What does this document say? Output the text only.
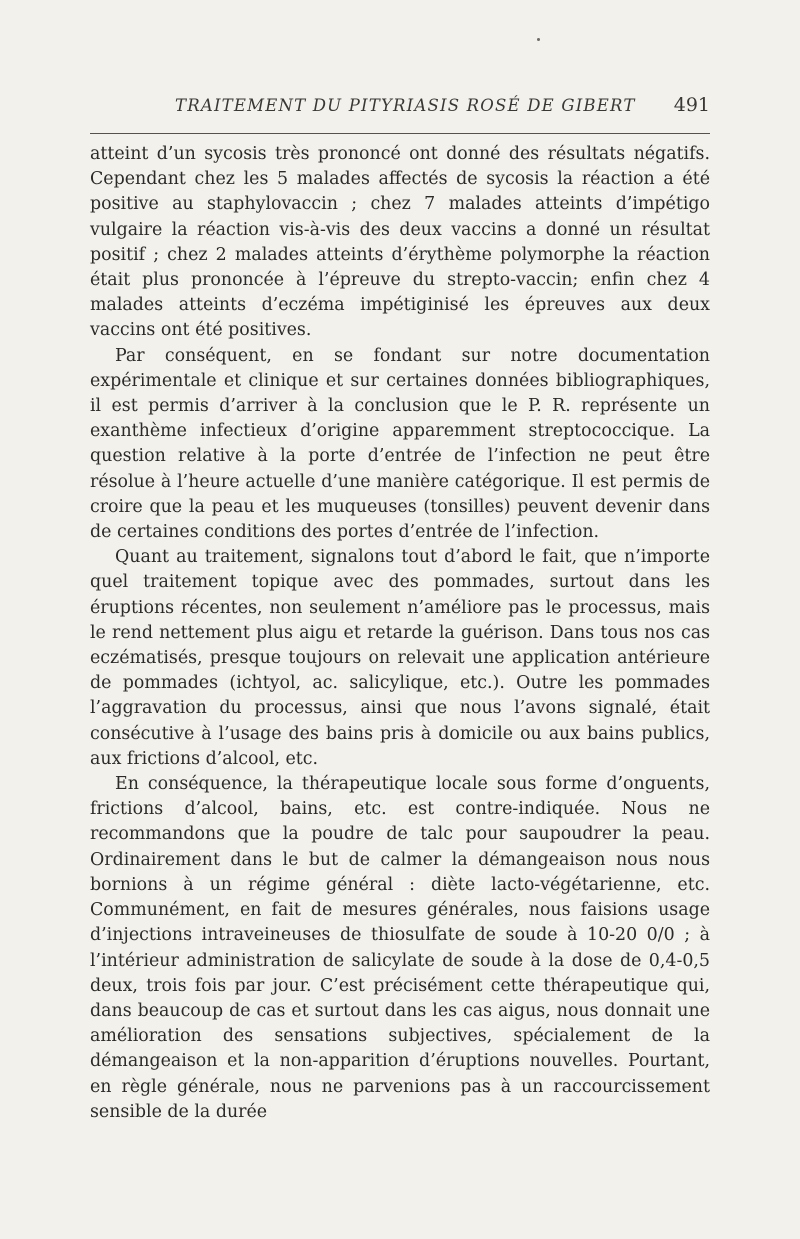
TRAITEMENT DU PITYRIASIS ROSÉ DE GIBERT 491

atteint d’un sycosis très prononcé ont donné des résultats négatifs. Cependant chez les 5 malades affectés de sycosis la réaction a été positive au staphylovaccin ; chez 7 malades atteints d’impétigo vulgaire la réaction vis-à-vis des deux vaccins a donné un résultat positif ; chez 2 malades atteints d’érythème polymorphe la réaction était plus prononcée à l’épreuve du strepto-vaccin; enfin chez 4 malades atteints d’eczéma impétiginisé les épreuves aux deux vaccins ont été positives.

Par conséquent, en se fondant sur notre documentation expérimentale et clinique et sur certaines données bibliographiques, il est permis d’arriver à la conclusion que le P. R. représente un exanthème infectieux d’origine apparemment streptococcique. La question relative à la porte d’entrée de l’infection ne peut être résolue à l’heure actuelle d’une manière catégorique. Il est permis de croire que la peau et les muqueuses (tonsilles) peuvent devenir dans de certaines conditions des portes d’entrée de l’infection.

Quant au traitement, signalons tout d’abord le fait, que n’importe quel traitement topique avec des pommades, surtout dans les éruptions récentes, non seulement n’améliore pas le processus, mais le rend nettement plus aigu et retarde la guérison. Dans tous nos cas eczématisés, presque toujours on relevait une application antérieure de pommades (ichtyol, ac. salicylique, etc.). Outre les pommades l’aggravation du processus, ainsi que nous l’avons signalé, était consécutive à l’usage des bains pris à domicile ou aux bains publics, aux frictions d’alcool, etc.

En conséquence, la thérapeutique locale sous forme d’onguents, frictions d’alcool, bains, etc. est contre-indiquée. Nous ne recommandons que la poudre de talc pour saupoudrer la peau. Ordinairement dans le but de calmer la démangeaison nous nous bornions à un régime général : diète lacto-végétarienne, etc. Communément, en fait de mesures générales, nous faisions usage d’injections intraveineuses de thiosulfate de soude à 10-20 0/0 ; à l’intérieur administration de salicylate de soude à la dose de 0,4-0,5 deux, trois fois par jour. C’est précisément cette thérapeutique qui, dans beaucoup de cas et surtout dans les cas aigus, nous donnait une amélioration des sensations subjectives, spécialement de la démangeaison et la non-apparition d’éruptions nouvelles. Pourtant, en règle générale, nous ne parvenions pas à un raccourcissement sensible de la durée
